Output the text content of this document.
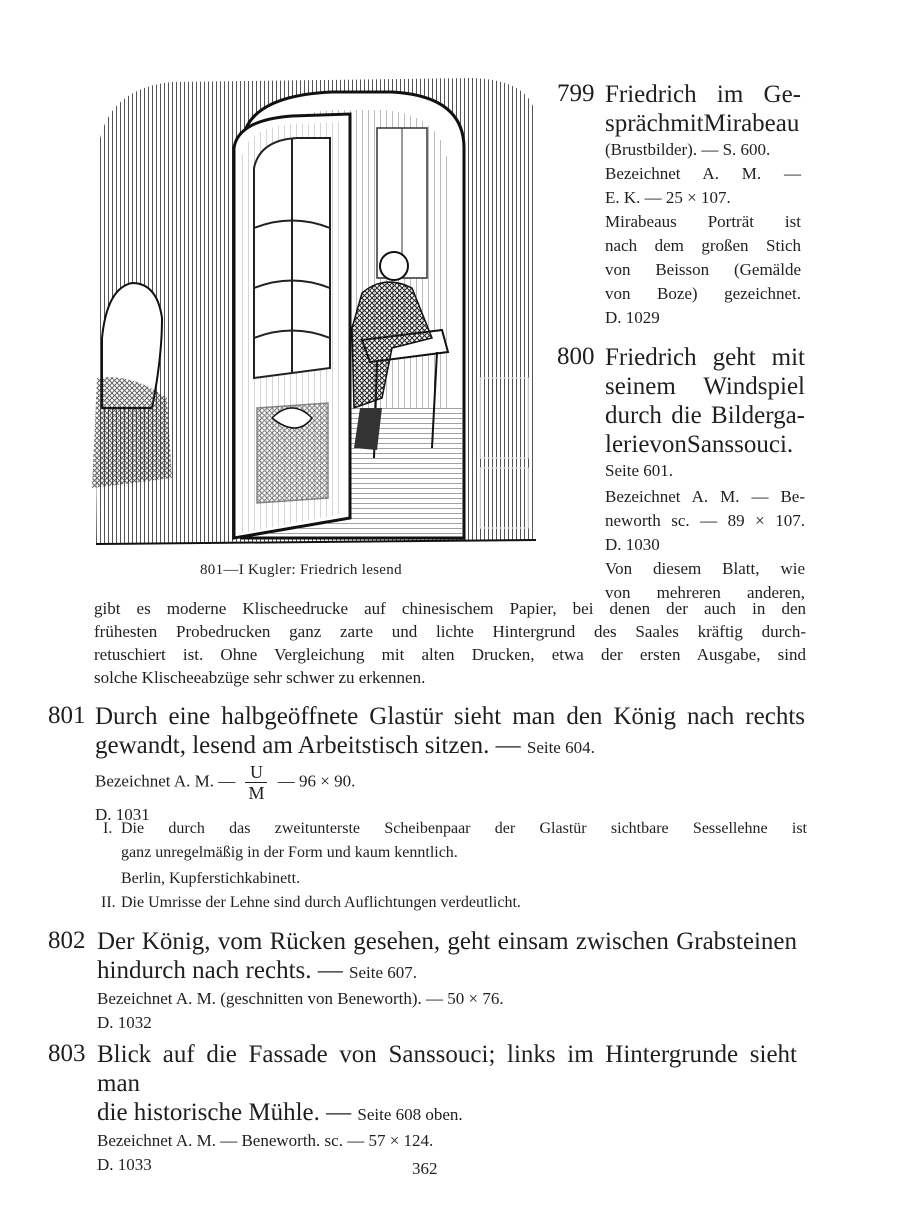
801—I Kugler: Friedrich lesend
799 Friedrich im Ge-
sprächmitMirabeau
(Brustbilder). — S. 600.
Bezeichnet A. M. —
E. K. — 25 × 107.
Mirabeaus Porträt ist
nach dem großen Stich
von Beisson (Gemälde
von Boze) gezeichnet.
D. 1029
800 Friedrich geht mit
seinem Windspiel
durch die Bilderga-
lerievonSanssouci.
Seite 601.
Bezeichnet A. M. — Be-
neworth sc. — 89 × 107.
D. 1030
Von diesem Blatt, wie
von mehreren anderen,
gibt es moderne Klischeedrucke auf chinesischem Papier, bei denen der auch in den
frühesten Probedrucken ganz zarte und lichte Hintergrund des Saales kräftig durch-
retuschiert ist. Ohne Vergleichung mit alten Drucken, etwa der ersten Ausgabe, sind
solche Klischeeabzüge sehr schwer zu erkennen.
801 Durch eine halbgeöffnete Glastür sieht man den König nach rechts
gewandt, lesend am Arbeitstisch sitzen. — Seite 604.
Bezeichnet A. M. — $\frac{U}{M}$ — 96 × 90.
D. 1031
I. Die durch das zweitunterste Scheibenpaar der Glastür sichtbare Sessellehne ist
ganz unregelmäßig in der Form und kaum kenntlich.
Berlin, Kupferstichkabinett.
II. Die Umrisse der Lehne sind durch Auflichtungen verdeutlicht.
802 Der König, vom Rücken gesehen, geht einsam zwischen Grabsteinen
hindurch nach rechts. — Seite 607.
Bezeichnet A. M. (geschnitten von Beneworth). — 50 × 76.
D. 1032
803 Blick auf die Fassade von Sanssouci; links im Hintergrunde sieht man
die historische Mühle. — Seite 608 oben.
Bezeichnet A. M. — Beneworth. sc. — 57 × 124.
D. 1033	362
